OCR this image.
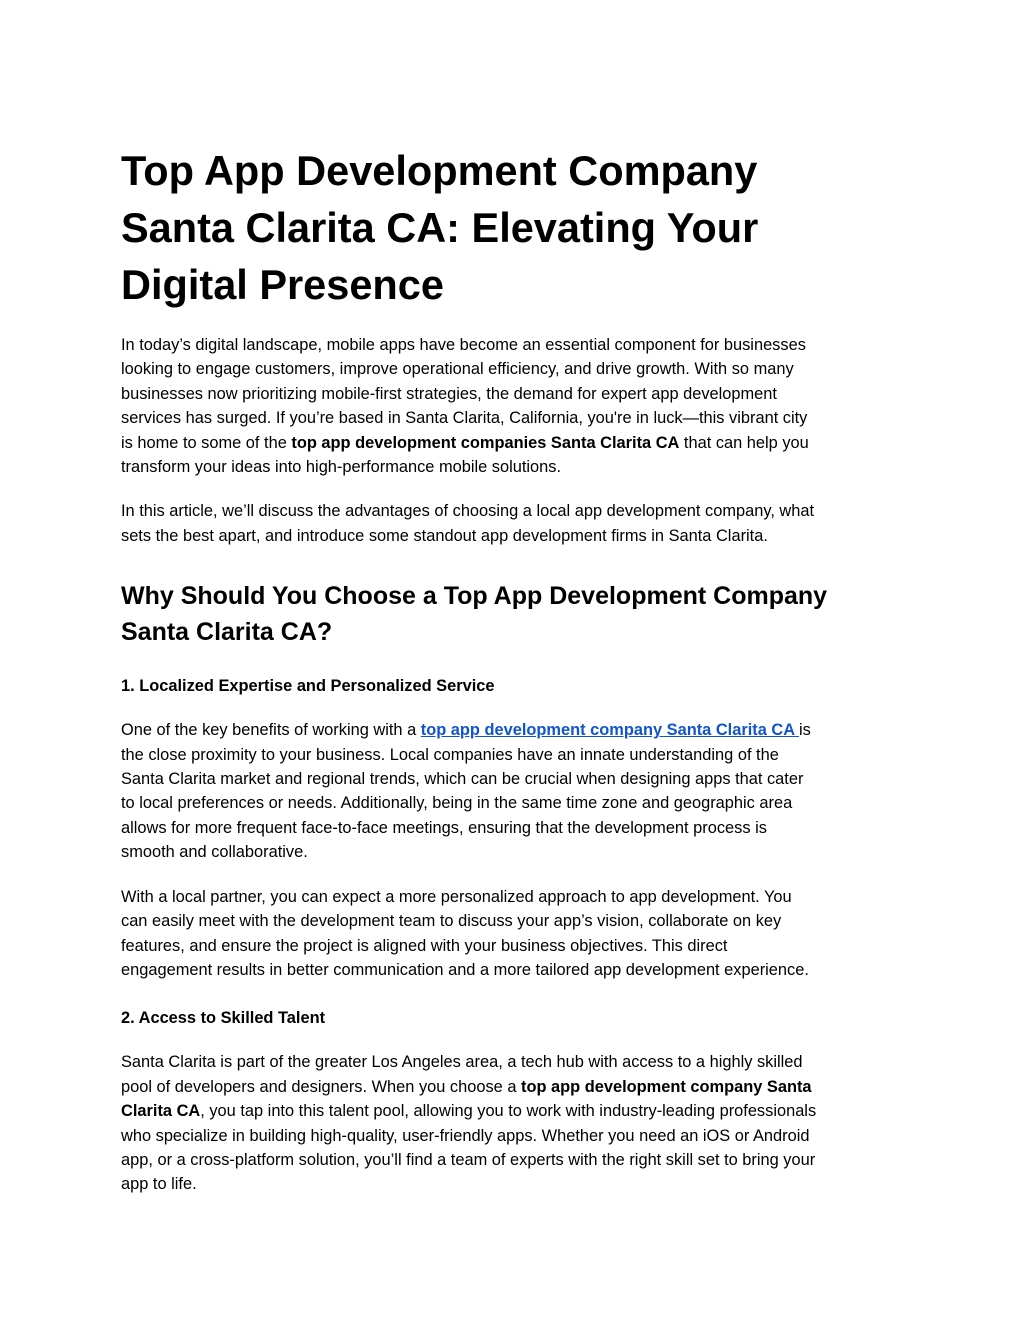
Top App Development Company
Santa Clarita CA: Elevating Your
Digital Presence

In today’s digital landscape, mobile apps have become an essential component for businesses
looking to engage customers, improve operational efficiency, and drive growth. With so many
businesses now prioritizing mobile-first strategies, the demand for expert app development
services has surged. If you’re based in Santa Clarita, California, you're in luck—this vibrant city
is home to some of the top app development companies Santa Clarita CA that can help you
transform your ideas into high-performance mobile solutions.

In this article, we’ll discuss the advantages of choosing a local app development company, what
sets the best apart, and introduce some standout app development firms in Santa Clarita.

Why Should You Choose a Top App Development Company
Santa Clarita CA?
1. Localized Expertise and Personalized Service

One of the key benefits of working with a top app development company Santa Clarita CA is
the close proximity to your business. Local companies have an innate understanding of the
Santa Clarita market and regional trends, which can be crucial when designing apps that cater
to local preferences or needs. Additionally, being in the same time zone and geographic area
allows for more frequent face-to-face meetings, ensuring that the development process is
smooth and collaborative.

With a local partner, you can expect a more personalized approach to app development. You
can easily meet with the development team to discuss your app’s vision, collaborate on key
features, and ensure the project is aligned with your business objectives. This direct
engagement results in better communication and a more tailored app development experience.

2. Access to Skilled Talent

Santa Clarita is part of the greater Los Angeles area, a tech hub with access to a highly skilled
pool of developers and designers. When you choose a top app development company Santa
Clarita CA, you tap into this talent pool, allowing you to work with industry-leading professionals
who specialize in building high-quality, user-friendly apps. Whether you need an iOS or Android
app, or a cross-platform solution, you’ll find a team of experts with the right skill set to bring your
app to life.
